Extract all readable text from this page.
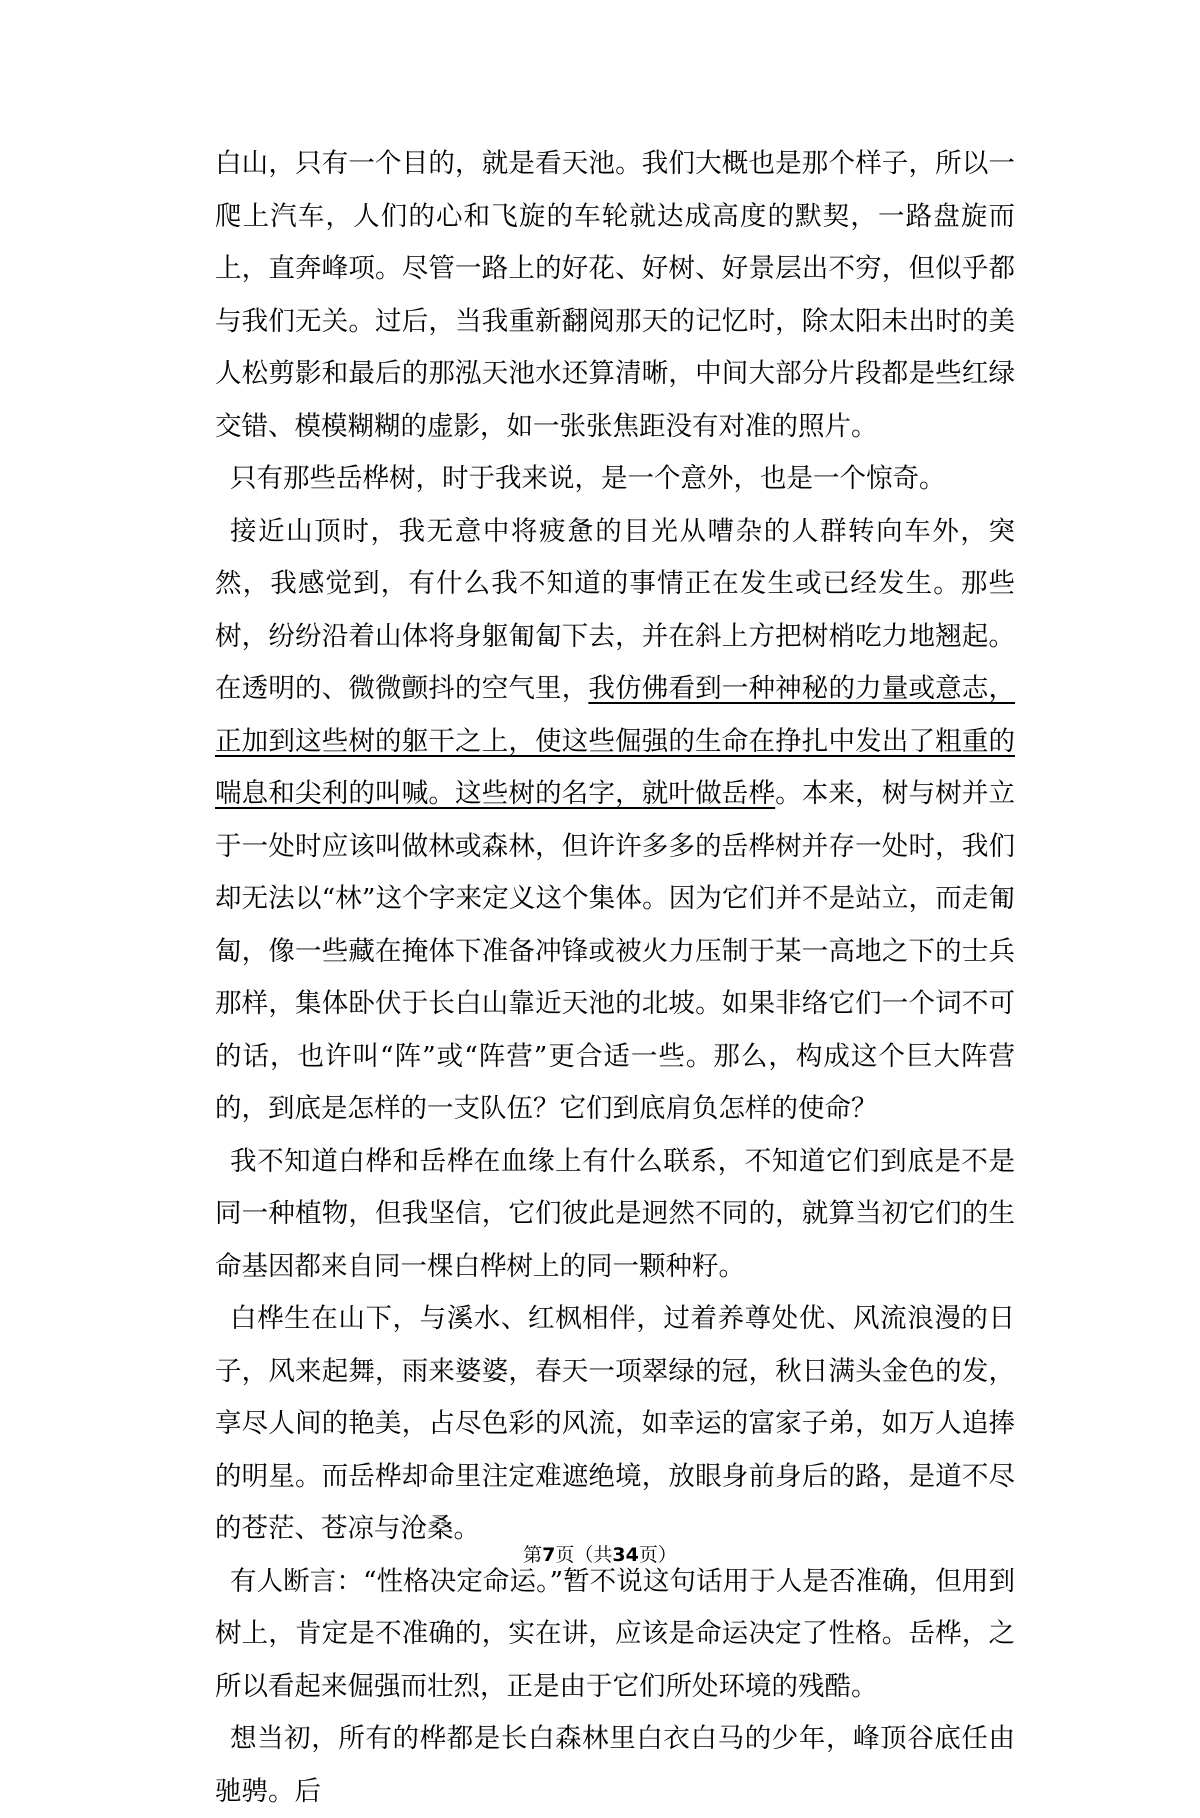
白山，只有一个目的，就是看天池。我们大概也是那个样子，所以一爬上汽车，人们的心和飞旋的车轮就达成高度的默契，一路盘旋而上，直奔峰项。尽管一路上的好花、好树、好景层出不穷，但似乎都与我们无关。过后，当我重新翻阅那天的记忆时，除太阳未出时的美人松剪影和最后的那泓天池水还算清晰，中间大部分片段都是些红绿交错、模模糊糊的虚影，如一张张焦距没有对准的照片。

只有那些岳桦树，时于我来说，是一个意外，也是一个惊奇。

接近山顶时，我无意中将疲惫的目光从嘈杂的人群转向车外，突然，我感觉到，有什么我不知道的事情正在发生或已经发生。那些树，纷纷沿着山体将身躯匍匐下去，并在斜上方把树梢吃力地翘起。在透明的、微微颤抖的空气里，我仿佛看到一种神秘的力量或意志，正加到这些树的躯干之上，使这些倔强的生命在挣扎中发出了粗重的喘息和尖利的叫喊。这些树的名字，就叶做岳桦。本来，树与树并立于一处时应该叫做林或森林，但许许多多的岳桦树并存一处时，我们却无法以“林”这个字来定义这个集体。因为它们并不是站立，而走匍匐，像一些藏在掩体下准备冲锋或被火力压制于某一高地之下的士兵那样，集体卧伏于长白山靠近天池的北坡。如果非络它们一个词不可的话，也许叫“阵”或“阵营”更合适一些。那么，构成这个巨大阵营的，到底是怎样的一支队伍？它们到底肩负怎样的使命？

我不知道白桦和岳桦在血缘上有什么联系，不知道它们到底是不是同一种植物，但我坚信，它们彼此是迥然不同的，就算当初它们的生命基因都来自同一棵白桦树上的同一颗种籽。

白桦生在山下，与溪水、红枫相伴，过着养尊处优、风流浪漫的日子，风来起舞，雨来婆婆，春天一项翠绿的冠，秋日满头金色的发，享尽人间的艳美，占尽色彩的风流，如幸运的富家子弟，如万人追捧的明星。而岳桦却命里注定难遮绝境，放眼身前身后的路，是道不尽的苍茫、苍凉与沧桑。

有人断言：“性格决定命运。”暂不说这句话用于人是否准确，但用到树上，肯定是不准确的，实在讲，应该是命运决定了性格。岳桦，之所以看起来倔强而壮烈，正是由于它们所处环境的残酷。

想当初，所有的桦都是长白森林里白衣白马的少年，峰顶谷底任由驰骋。后

第7页（共34页）
